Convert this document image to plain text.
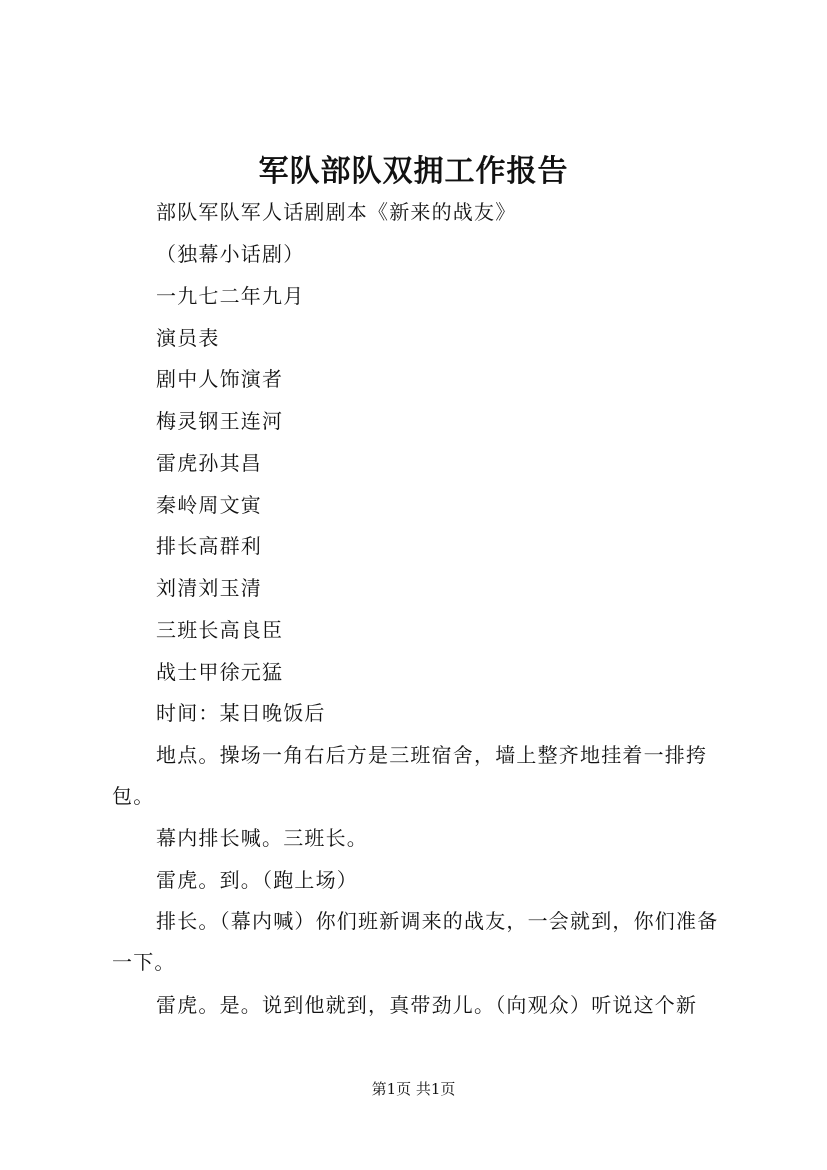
军队部队双拥工作报告
部队军队军人话剧剧本《新来的战友》
（独幕小话剧）
一九七二年九月
演员表
剧中人饰演者
梅灵钢王连河
雷虎孙其昌
秦岭周文寅
排长高群利
刘清刘玉清
三班长高良臣
战士甲徐元猛
时间：某日晚饭后
地点。操场一角右后方是三班宿舍，墙上整齐地挂着一排挎包。
幕内排长喊。三班长。
雷虎。到。（跑上场）
排长。（幕内喊）你们班新调来的战友，一会就到，你们准备一下。
雷虎。是。说到他就到，真带劲儿。（向观众）听说这个新
第1页 共1页
